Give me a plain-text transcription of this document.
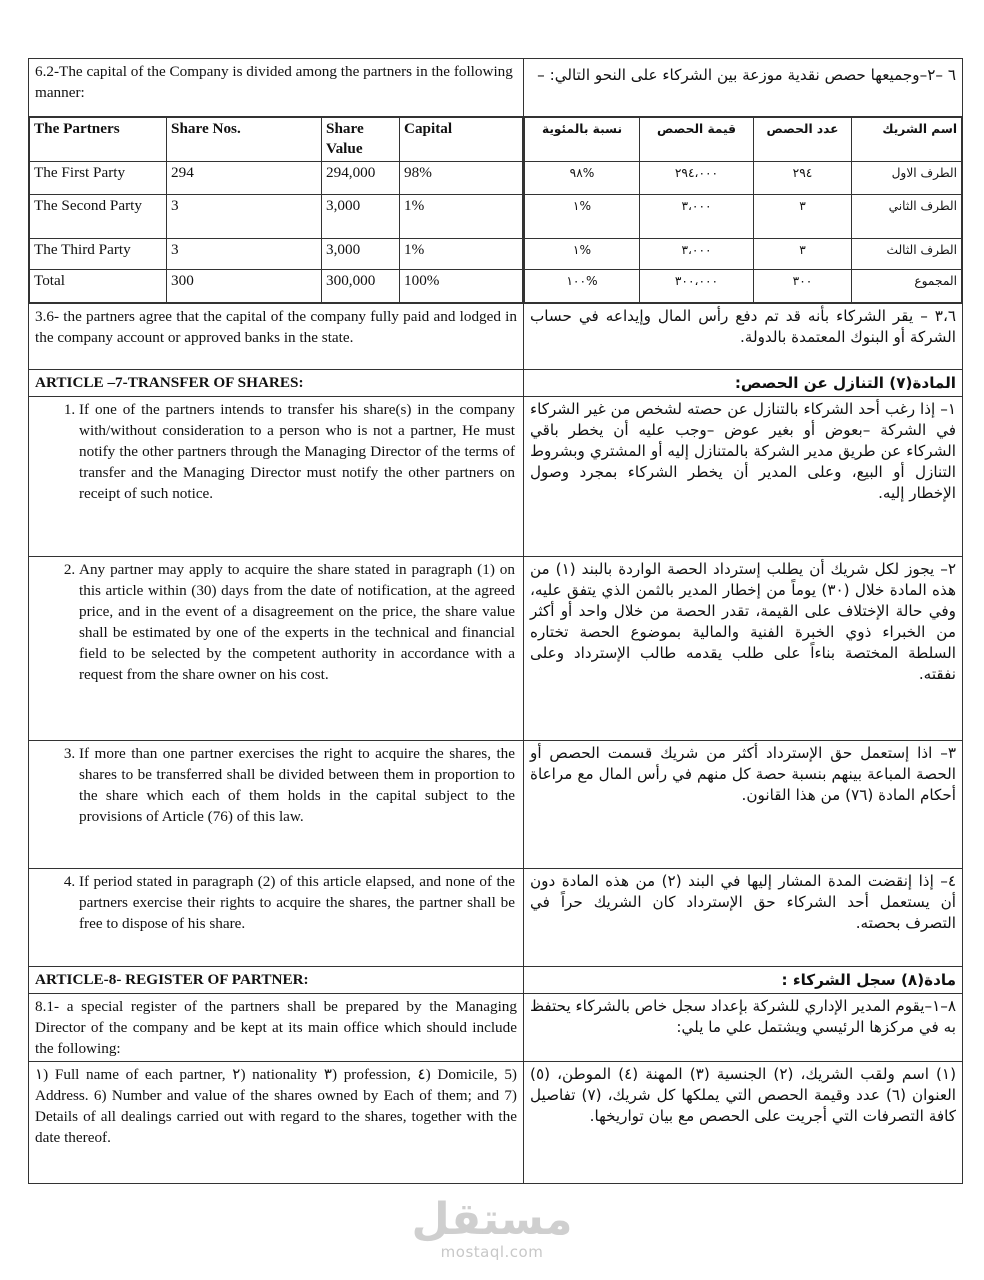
6.2-The capital of the Company is divided among the partners in the following manner:

٦ –٢–وجميعها حصص نقدية موزعة بين الشركاء على النحو التالي: –

The Partners	Share Nos.	Share Value	Capital
The First Party	294	294,000	98%
The Second Party	3	3,000	1%
The Third Party	3	3,000	1%
Total	300	300,000	100%

اسم الشريك	عدد الحصص	قيمة الحصص	نسبة بالمئوية
الطرف الاول	٢٩٤	٢٩٤،٠٠٠	%٩٨
الطرف الثاني	٣	٣،٠٠٠	%١
الطرف الثالث	٣	٣،٠٠٠	%١
المجموع	٣٠٠	٣٠٠،٠٠٠	%١٠٠

3.6- the partners agree that the capital of the company fully paid and lodged in the company account or approved banks in the state.

٣،٦ – يقر الشركاء بأنه قد تم دفع رأس المال وإيداعه في حساب الشركة أو البنوك المعتمدة بالدولة.

ARTICLE –7-TRANSFER OF SHARES:	المادة(٧) التنازل عن الحصص:

1. If one of the partners intends to transfer his share(s) in the company with/without consideration to a person who is not a partner, He must notify the other partners through the Managing Director of the terms of transfer and the Managing Director must notify the other partners on receipt of such notice.

١– إذا رغب أحد الشركاء بالتنازل عن حصته لشخص من غير الشركاء في الشركة –بعوض أو بغير عوض –وجب عليه أن يخطر باقي الشركاء عن طريق مدير الشركة بالمتنازل إليه أو المشتري وبشروط التنازل أو البيع، وعلى المدير أن يخطر الشركاء بمجرد وصول الإخطار إليه.

2. Any partner may apply to acquire the share stated in paragraph (1) on this article within (30) days from the date of notification, at the agreed price, and in the event of a disagreement on the price, the share value shall be estimated by one of the experts in the technical and financial field to be selected by the competent authority in accordance with a request from the share owner on his cost.

٢– يجوز لكل شريك أن يطلب إسترداد الحصة الواردة بالبند (١) من هذه المادة خلال (٣٠) يوماً من إخطار المدير بالثمن الذي يتفق عليه، وفي حالة الإختلاف على القيمة، تقدر الحصة من خلال واحد أو أكثر من الخبراء ذوي الخبرة الفنية والمالية بموضوع الحصة تختاره السلطة المختصة بناءاً على طلب يقدمه طالب الإسترداد وعلى نفقته.

3. If more than one partner exercises the right to acquire the shares, the shares to be transferred shall be divided between them in proportion to the share which each of them holds in the capital subject to the provisions of Article (76) of this law.

٣– اذا إستعمل حق الإسترداد أكثر من شريك قسمت الحصص أو الحصة المباعة بينهم بنسبة حصة كل منهم في رأس المال مع مراعاة أحكام المادة (٧٦) من هذا القانون.

4. If period stated in paragraph (2) of this article elapsed, and none of the partners exercise their rights to acquire the shares, the partner shall be free to dispose of his share.

٤– إذا إنقضت المدة المشار إليها في البند (٢) من هذه المادة دون أن يستعمل أحد الشركاء حق الإسترداد كان الشريك حراً في التصرف بحصته.

ARTICLE-8- REGISTER OF PARTNER:	مادة(٨) سجل الشركاء :

8.1- a special register of the partners shall be prepared by the Managing Director of the company and be kept at its main office which should include the following:

٨–١–يقوم المدير الإداري للشركة بإعداد سجل خاص بالشركاء يحتفظ به في مركزها الرئيسي ويشتمل علي ما يلي:

١) Full name of each partner, ٢) nationality ٣) profession, ٤) Domicile, 5) Address. 6) Number and value of the shares owned by Each of them; and 7) Details of all dealings carried out with regard to the shares, together with the date thereof.

(١) اسم ولقب الشريك، (٢) الجنسية (٣) المهنة (٤) الموطن، (٥) العنوان (٦) عدد وقيمة الحصص التي يملكها كل شريك، (٧) تفاصيل كافة التصرفات التي أجريت على الحصص مع بيان تواريخها.

مستقل
mostaql.com
